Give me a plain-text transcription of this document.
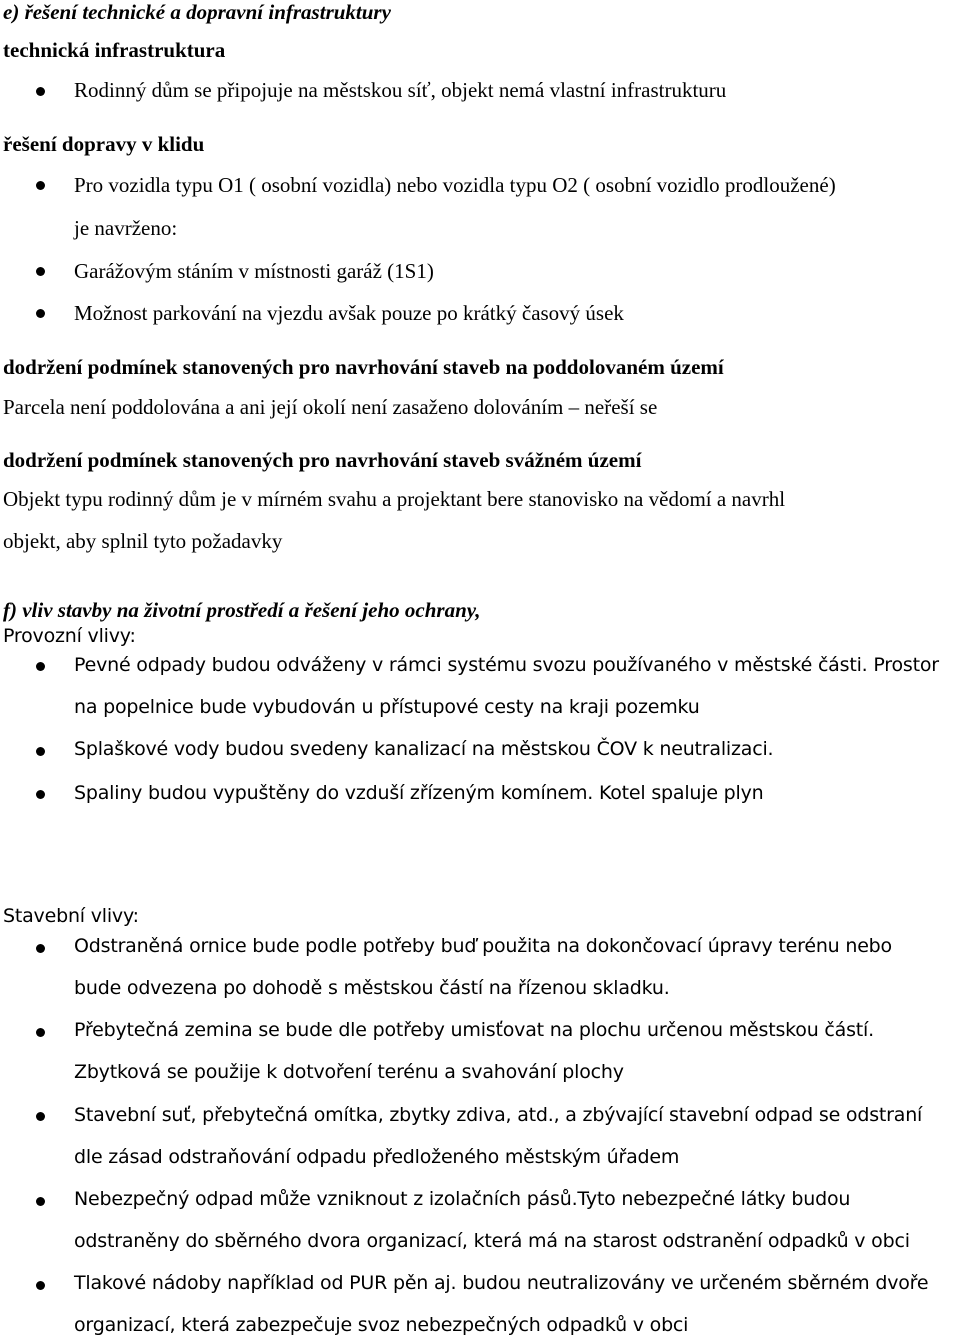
e) řešení technické a dopravní infrastruktury
technická infrastruktura
Rodinný dům se připojuje na městskou síť, objekt nemá vlastní infrastrukturu
řešení dopravy v klidu
Pro vozidla typu O1 ( osobní vozidla) nebo vozidla typu O2 ( osobní vozidlo prodloužené)
je navrženo:
Garážovým stáním v místnosti garáž (1S1)
Možnost parkování na vjezdu avšak pouze po krátký časový úsek
dodržení podmínek stanovených pro navrhování staveb na poddolovaném území
Parcela není poddolována a ani její okolí není zasaženo dolováním – neřeší se
dodržení podmínek stanovených pro navrhování staveb svážném území
Objekt typu rodinný dům je v mírném svahu a projektant bere stanovisko na vědomí a navrhl
objekt, aby splnil tyto požadavky
f) vliv stavby na životní prostředí a řešení jeho ochrany,
Provozní vlivy:
Pevné odpady budou odváženy v rámci systému svozu používaného v městské části. Prostor
na popelnice bude vybudován u přístupové cesty na kraji pozemku
Splaškové vody budou svedeny kanalizací na městskou ČOV k neutralizaci.
Spaliny budou vypuštěny do vzduší zřízeným komínem. Kotel spaluje plyn
Stavební vlivy:
Odstraněná ornice bude podle potřeby buď použita na dokončovací úpravy terénu nebo
bude odvezena po dohodě s městskou částí na řízenou skladku.
Přebytečná zemina se bude dle potřeby umisťovat na plochu určenou městskou částí.
Zbytková se použije k dotvoření terénu a svahování plochy
Stavební suť, přebytečná omítka, zbytky zdiva, atd., a zbývající stavební odpad se odstraní
dle zásad odstraňování odpadu předloženého městským úřadem
Nebezpečný odpad může vzniknout z izolačních pásů.Tyto nebezpečné látky budou
odstraněny do sběrného dvora organizací, která má na starost odstranění odpadků v obci
Tlakové nádoby například od PUR pěn aj. budou neutralizovány ve určeném sběrném dvoře
organizací, která zabezpečuje svoz nebezpečných odpadků v obci
